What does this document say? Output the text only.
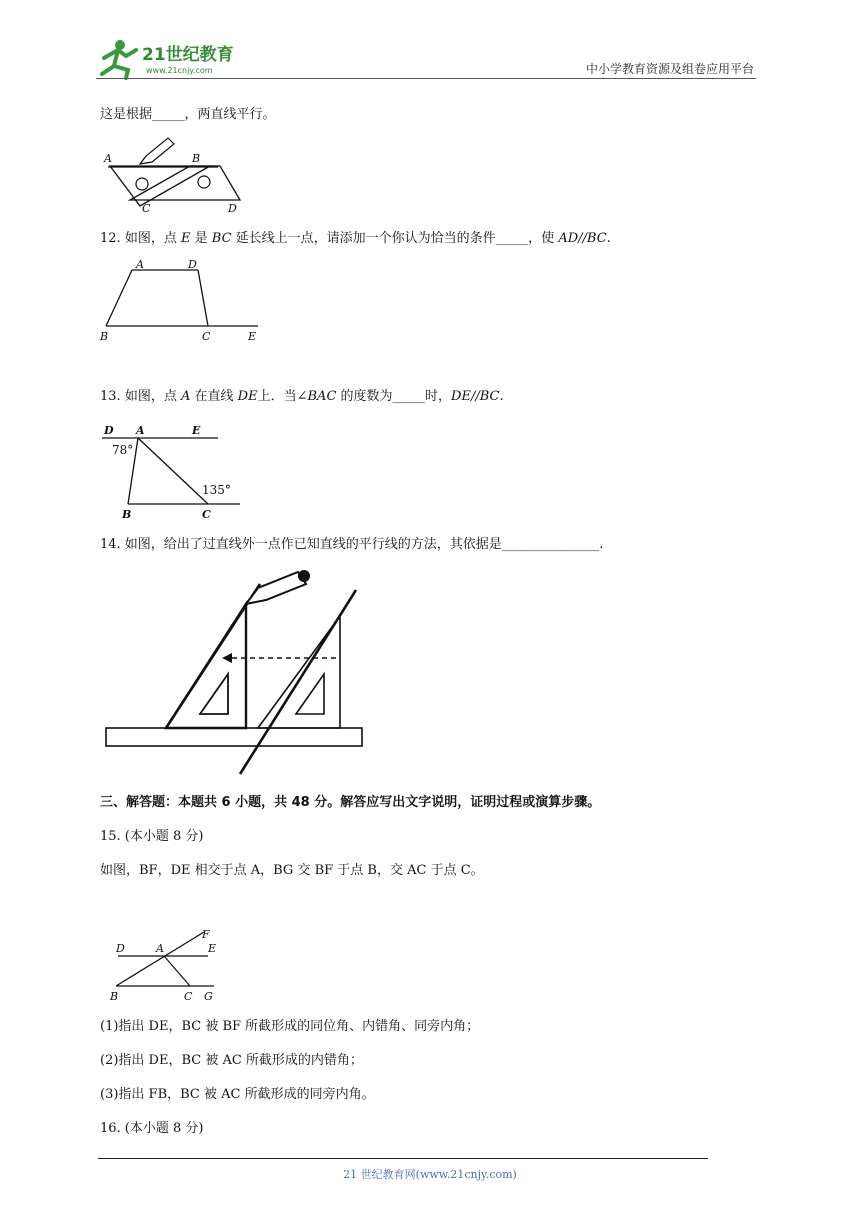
21世纪教育
www.21cnjy.com	中小学教育资源及组卷应用平台
这是根据_____，两直线平行。
A	B
C	D
12. 如图，点 E 是 BC 延长线上一点，请添加一个你认为恰当的条件_____，使 AD//BC.
A	D
B	C	E
13. 如图，点 A 在直线 DE上．当∠BAC 的度数为_____时，DE//BC.
D A	E
B	C
78°
135°
14. 如图，给出了过直线外一点作已知直线的平行线的方法，其依据是_______________.
三、解答题：本题共 6 小题，共 48 分。解答应写出文字说明，证明过程或演算步骤。
15. (本小题 8 分)
如图，BF，DE 相交于点 A，BG 交 BF 于点 B，交 AC 于点 C。
F
D	A	E
B	C G
(1)指出 DE，BC 被 BF 所截形成的同位角、内错角、同旁内角；
(2)指出 DE，BC 被 AC 所截形成的内错角；
(3)指出 FB，BC 被 AC 所截形成的同旁内角。
16. (本小题 8 分)
21 世纪教育网(www.21cnjy.com)
